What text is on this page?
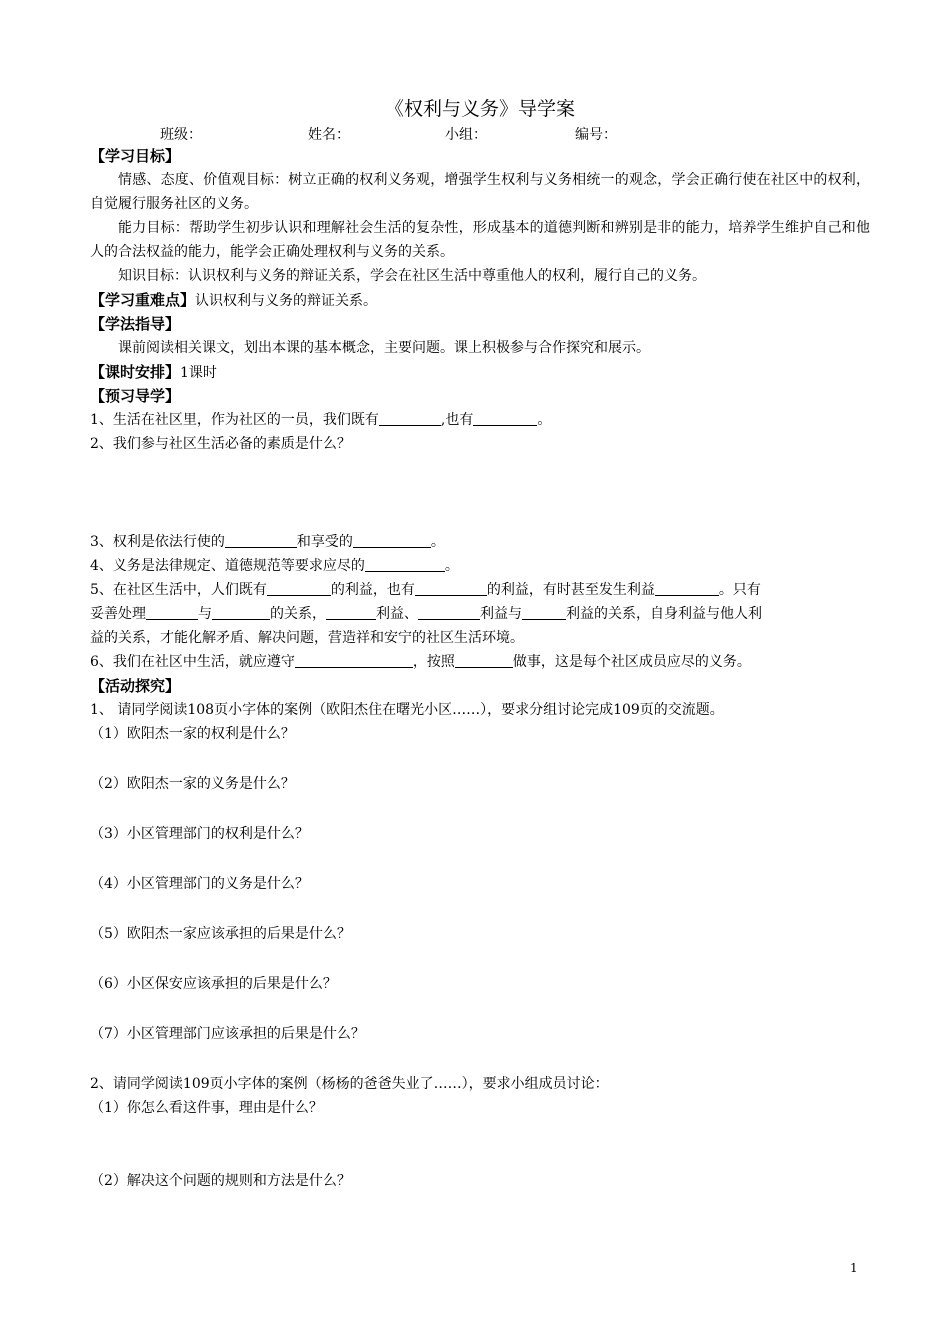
《权利与义务》导学案
班级：	姓名：	小组：	编号：
【学习目标】
情感、态度、价值观目标：树立正确的权利义务观，增强学生权利与义务相统一的观念，学会正确行使在社区中的权利，自觉履行服务社区的义务。
能力目标：帮助学生初步认识和理解社会生活的复杂性，形成基本的道德判断和辨别是非的能力，培养学生维护自己和他人的合法权益的能力，能学会正确处理权利与义务的关系。
知识目标：认识权利与义务的辩证关系，学会在社区生活中尊重他人的权利，履行自己的义务。
【学习重难点】认识权利与义务的辩证关系。
【学法指导】
课前阅读相关课文，划出本课的基本概念，主要问题。课上积极参与合作探究和展示。
【课时安排】1课时
【预习导学】
1、生活在社区里，作为社区的一员，我们既有	,也有	。
2、我们参与社区生活必备的素质是什么？
3、权利是依法行使的	和享受的	。
4、义务是法律规定、道德规范等要求应尽的	。
5、在社区生活中，人们既有	的利益，也有	的利益，有时甚至发生利益	。只有
妥善处理	与	的关系，	利益、	利益与	利益的关系，自身利益与他人利
益的关系，才能化解矛盾、解决问题，营造祥和安宁的社区生活环境。
6、我们在社区中生活，就应遵守	，按照	做事，这是每个社区成员应尽的义务。
【活动探究】
1、 请同学阅读108页小字体的案例（欧阳杰住在曙光小区……），要求分组讨论完成109页的交流题。
（1）欧阳杰一家的权利是什么？
（2）欧阳杰一家的义务是什么？
（3）小区管理部门的权利是什么？
（4）小区管理部门的义务是什么？
（5）欧阳杰一家应该承担的后果是什么？
（6）小区保安应该承担的后果是什么？
（7）小区管理部门应该承担的后果是什么？
2、请同学阅读109页小字体的案例（杨杨的爸爸失业了……），要求小组成员讨论：
（1）你怎么看这件事，理由是什么？
（2）解决这个问题的规则和方法是什么？
1
